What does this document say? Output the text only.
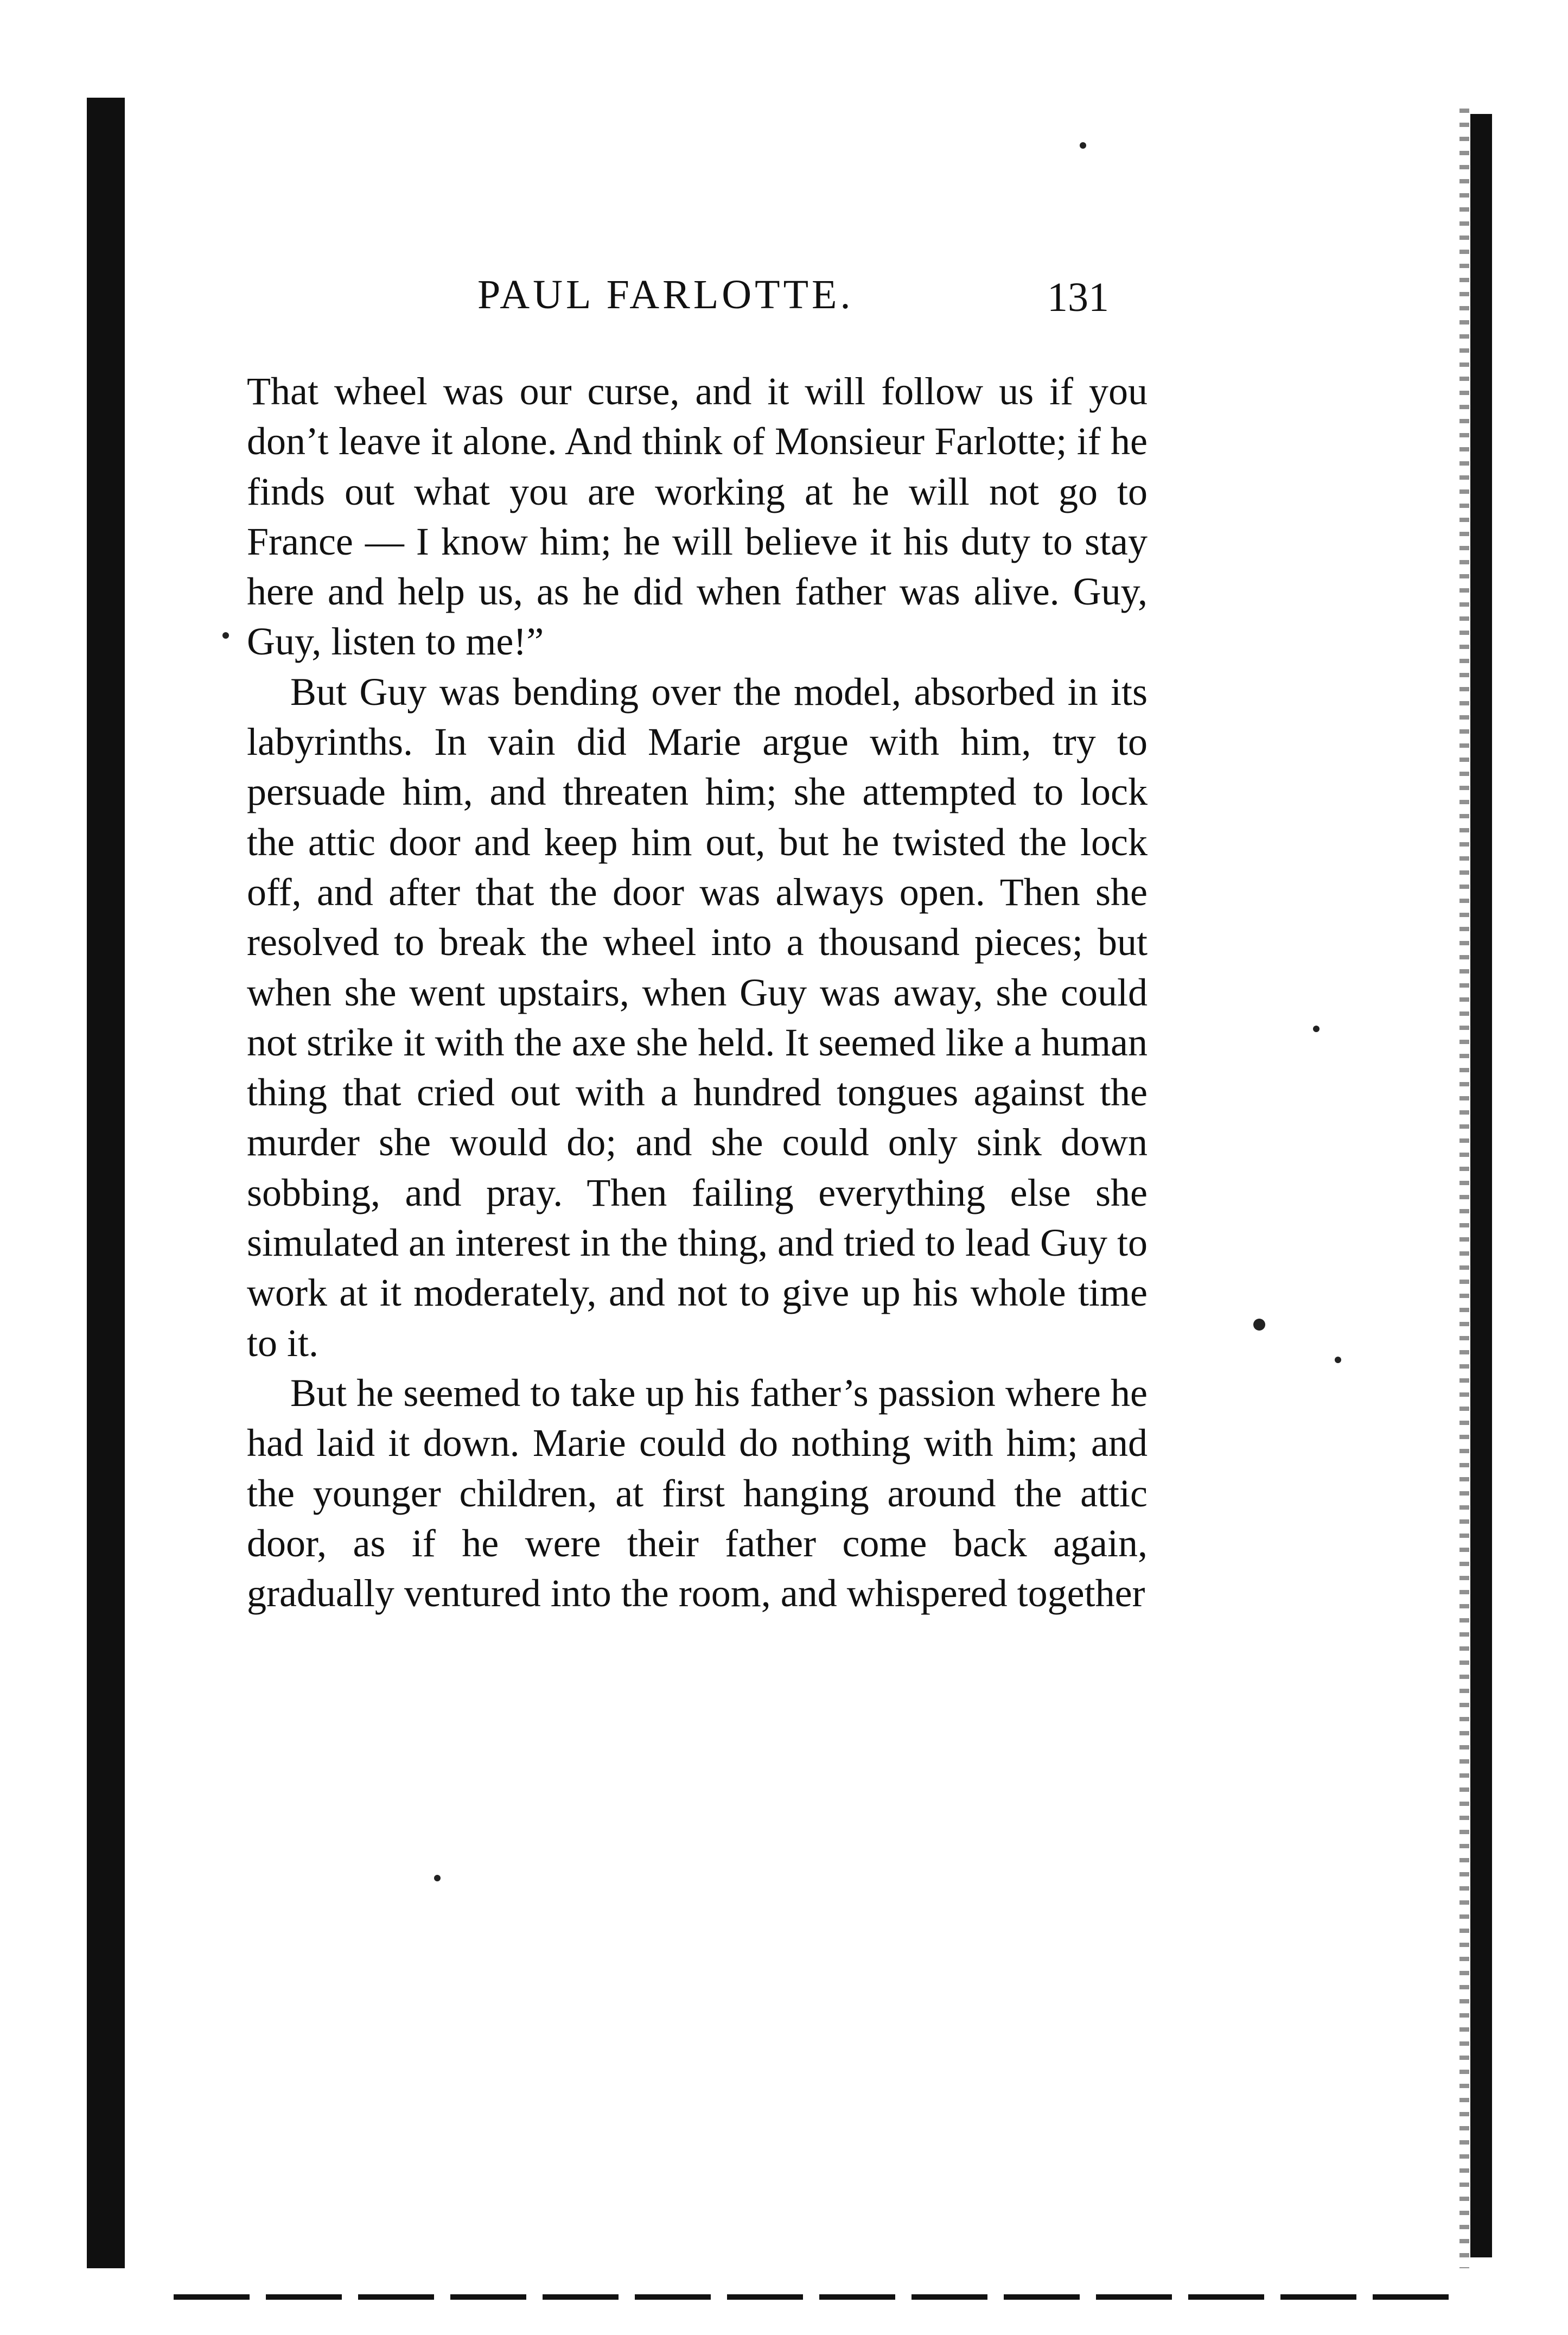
PAUL FARLOTTE.	131

That wheel was our curse, and it will follow us if you don’t leave it alone. And think of Monsieur Farlotte; if he finds out what you are working at he will not go to France — I know him; he will believe it his duty to stay here and help us, as he did when father was alive. Guy, Guy, listen to me!”

But Guy was bending over the model, absorbed in its labyrinths. In vain did Marie argue with him, try to persuade him, and threaten him; she attempted to lock the attic door and keep him out, but he twisted the lock off, and after that the door was always open. Then she resolved to break the wheel into a thousand pieces; but when she went upstairs, when Guy was away, she could not strike it with the axe she held. It seemed like a human thing that cried out with a hundred tongues against the murder she would do; and she could only sink down sobbing, and pray. Then failing everything else she simulated an interest in the thing, and tried to lead Guy to work at it moderately, and not to give up his whole time to it.

But he seemed to take up his father’s passion where he had laid it down. Marie could do nothing with him; and the younger children, at first hanging around the attic door, as if he were their father come back again, gradually ventured into the room, and whispered together
